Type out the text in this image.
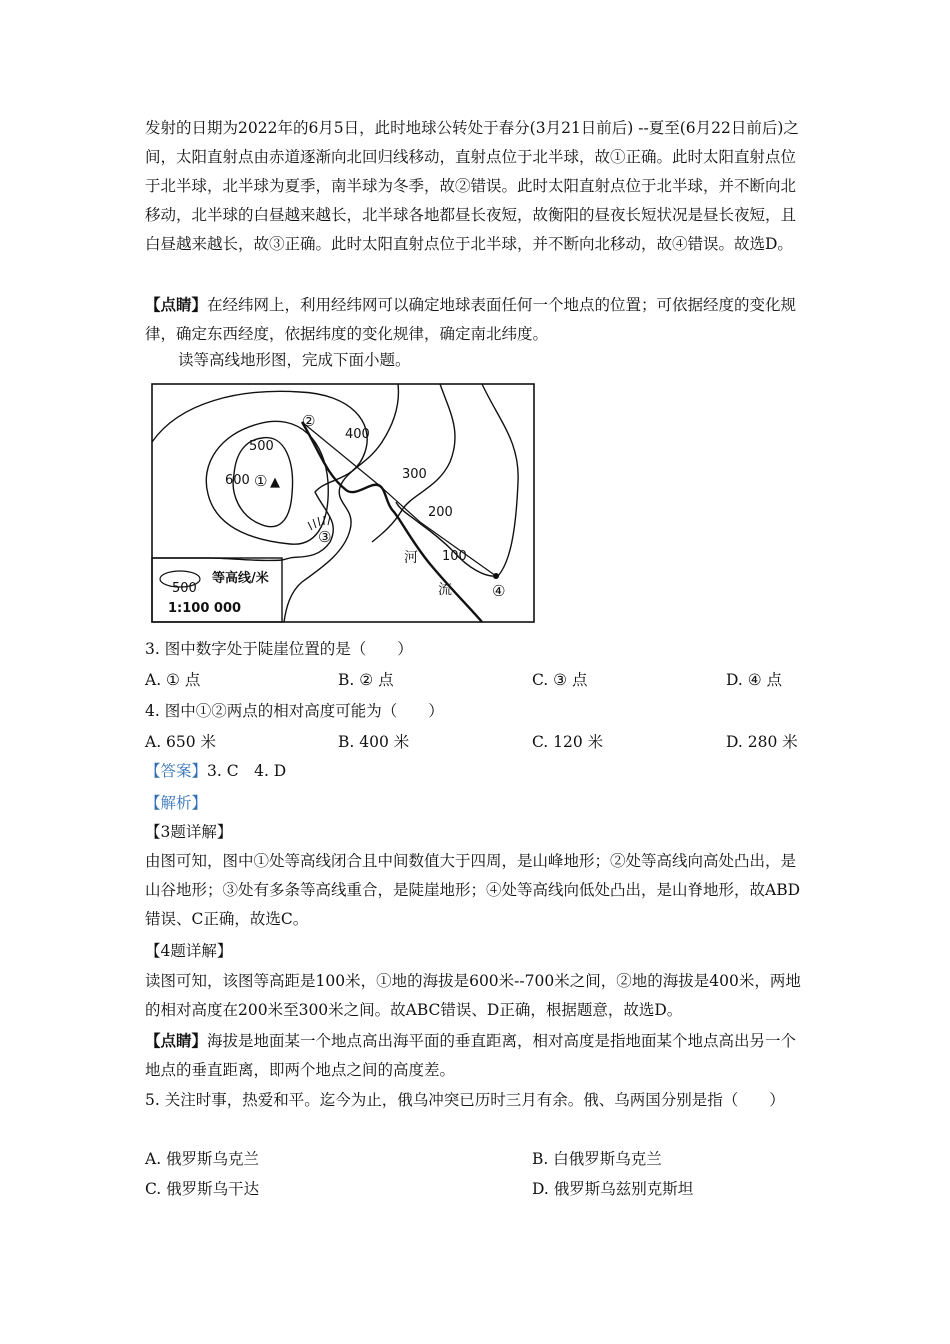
发射的日期为2022年的6月5日，此时地球公转处于春分(3月21日前后) --夏至(6月22日前后)之间，太阳直射点由赤道逐渐向北回归线移动，直射点位于北半球，故①正确。此时太阳直射点位于北半球，北半球为夏季，南半球为冬季，故②错误。此时太阳直射点位于北半球，并不断向北移动，北半球的白昼越来越长，北半球各地都昼长夜短，故衡阳的昼夜长短状况是昼长夜短，且白昼越来越长，故③正确。此时太阳直射点位于北半球，并不断向北移动，故④错误。故选D。

【点睛】在经纬网上，利用经纬网可以确定地球表面任何一个地点的位置；可依据经度的变化规律，确定东西经度，依据纬度的变化规律，确定南北纬度。

读等高线地形图，完成下面小题。

① ▲
600
500
400
300
200
100
②
③
④
河
流
500
等高线/米
1:100 000

3. 图中数字处于陡崖位置的是（　　）

A. ① 点	B. ② 点	C. ③ 点	D. ④ 点

4. 图中①②两点的相对高度可能为（　　）

A. 650 米	B. 400 米	C. 120 米	D. 280 米

【答案】3. C　4. D

【解析】

【3题详解】

由图可知，图中①处等高线闭合且中间数值大于四周，是山峰地形；②处等高线向高处凸出，是山谷地形；③处有多条等高线重合，是陡崖地形；④处等高线向低处凸出，是山脊地形，故ABD错误、C正确，故选C。

【4题详解】

读图可知，该图等高距是100米，①地的海拔是600米--700米之间，②地的海拔是400米，两地的相对高度在200米至300米之间。故ABC错误、D正确，根据题意，故选D。

【点睛】海拔是地面某一个地点高出海平面的垂直距离，相对高度是指地面某个地点高出另一个地点的垂直距离，即两个地点之间的高度差。

5. 关注时事，热爱和平。迄今为止，俄乌冲突已历时三月有余。俄、乌两国分别是指（　　）

A. 俄罗斯乌克兰	B. 白俄罗斯乌克兰
C. 俄罗斯乌干达	D. 俄罗斯乌兹别克斯坦
